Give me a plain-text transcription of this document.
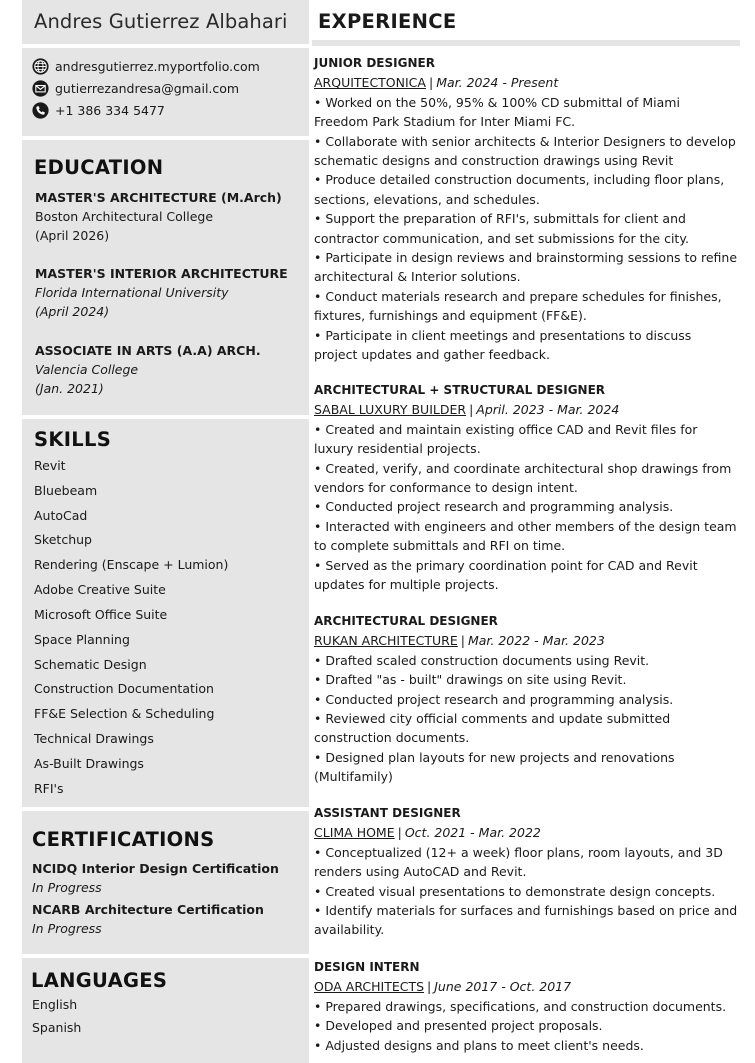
Andres Gutierrez Albahari
andresgutierrez.myportfolio.com
gutierrezandresa@gmail.com
+1 386 334 5477
EDUCATION
MASTER'S ARCHITECTURE (M.Arch)
Boston Architectural College
(April 2026)
MASTER'S INTERIOR ARCHITECTURE
Florida International University
(April 2024)
ASSOCIATE IN ARTS (A.A) ARCH.
Valencia College
(Jan. 2021)
SKILLS
Revit
Bluebeam
AutoCad
Sketchup
Rendering (Enscape + Lumion)
Adobe Creative Suite
Microsoft Office Suite
Space Planning
Schematic Design
Construction Documentation
FF&E Selection & Scheduling
Technical Drawings
As-Built Drawings
RFI's
CERTIFICATIONS
NCIDQ Interior Design Certification
In Progress
NCARB Architecture Certification
In Progress
LANGUAGES
English
Spanish
EXPERIENCE
JUNIOR DESIGNER
ARQUITECTONICA | Mar. 2024 - Present
• Worked on the 50%, 95% & 100% CD submittal of Miami Freedom Park Stadium for Inter Miami FC.
• Collaborate with senior architects & Interior Designers to develop schematic designs and construction drawings using Revit
• Produce detailed construction documents, including floor plans, sections, elevations, and schedules.
• Support the preparation of RFI's, submittals for client and contractor communication, and set submissions for the city.
• Participate in design reviews and brainstorming sessions to refine architectural & Interior solutions.
• Conduct materials research and prepare schedules for finishes, fixtures, furnishings and equipment (FF&E).
• Participate in client meetings and presentations to discuss project updates and gather feedback.
ARCHITECTURAL + STRUCTURAL DESIGNER
SABAL LUXURY BUILDER | April. 2023 - Mar. 2024
• Created and maintain existing office CAD and Revit files for luxury residential projects.
• Created, verify, and coordinate architectural shop drawings from vendors for conformance to design intent.
• Conducted project research and programming analysis.
• Interacted with engineers and other members of the design team to complete submittals and RFI on time.
• Served as the primary coordination point for CAD and Revit updates for multiple projects.
ARCHITECTURAL DESIGNER
RUKAN ARCHITECTURE | Mar. 2022 - Mar. 2023
• Drafted scaled construction documents using Revit.
• Drafted "as - built" drawings on site using Revit.
• Conducted project research and programming analysis.
• Reviewed city official comments and update submitted construction documents.
• Designed plan layouts for new projects and renovations (Multifamily)
ASSISTANT DESIGNER
CLIMA HOME | Oct. 2021 - Mar. 2022
• Conceptualized (12+ a week) floor plans, room layouts, and 3D renders using AutoCAD and Revit.
• Created visual presentations to demonstrate design concepts.
• Identify materials for surfaces and furnishings based on price and availability.
DESIGN INTERN
ODA ARCHITECTS | June 2017 - Oct. 2017
• Prepared drawings, specifications, and construction documents.
• Developed and presented project proposals.
• Adjusted designs and plans to meet client's needs.
